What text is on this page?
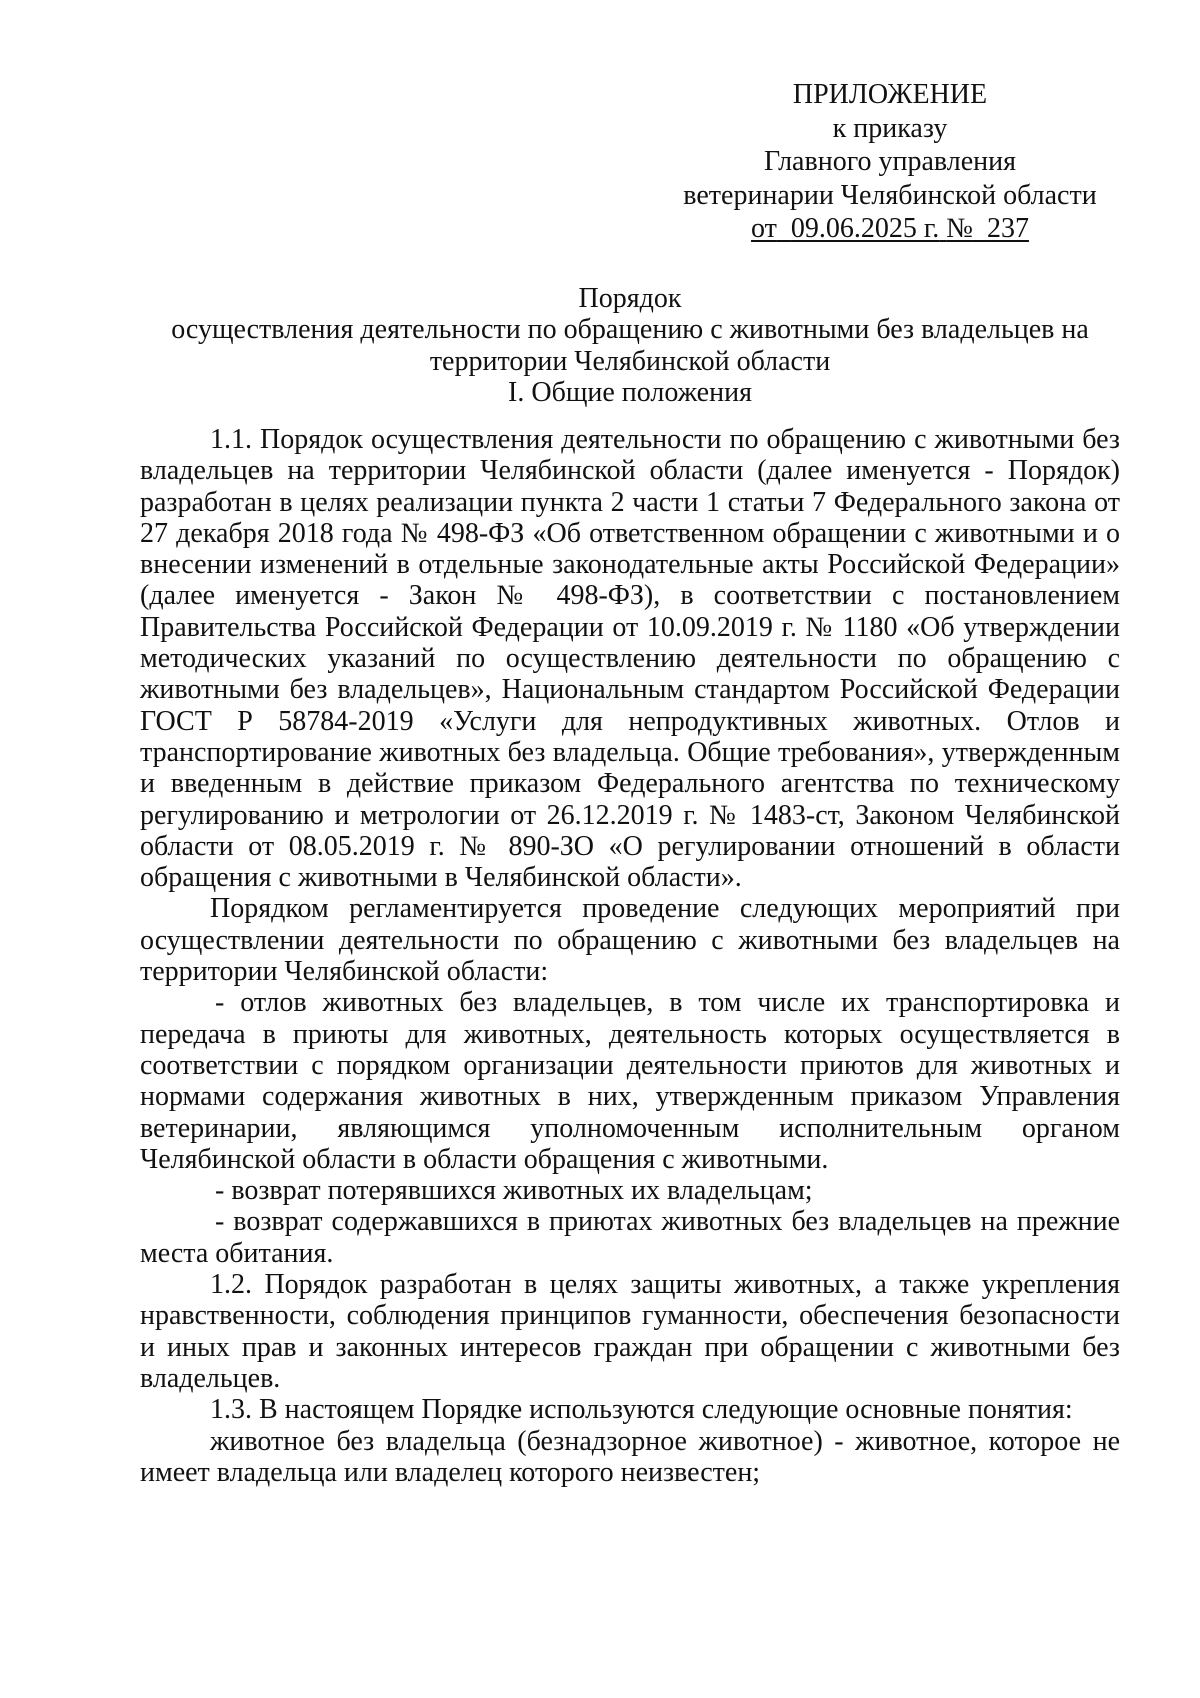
ПРИЛОЖЕНИЕ
к приказу
Главного управления
ветеринарии Челябинской области
от 09.06.2025 г. № 237
Порядок
осуществления деятельности по обращению с животными без владельцев на
территории Челябинской области
I. Общие положения

1.1. Порядок осуществления деятельности по обращению с животными без владельцев на территории Челябинской области (далее именуется - Порядок) разработан в целях реализации пункта 2 части 1 статьи 7 Федерального закона от 27 декабря 2018 года № 498-ФЗ «Об ответственном обращении с животными и о внесении изменений в отдельные законодательные акты Российской Федерации» (далее именуется - Закон № 498-ФЗ), в соответствии с постановлением Правительства Российской Федерации от 10.09.2019 г. № 1180 «Об утверждении методических указаний по осуществлению деятельности по обращению с животными без владельцев», Национальным стандартом Российской Федерации ГОСТ Р 58784-2019 «Услуги для непродуктивных животных. Отлов и транспортирование животных без владельца. Общие требования», утвержденным и введенным в действие приказом Федерального агентства по техническому регулированию и метрологии от 26.12.2019 г. № 1483-ст, Законом Челябинской области от 08.05.2019 г. № 890-ЗО «О регулировании отношений в области обращения с животными в Челябинской области».

Порядком регламентируется проведение следующих мероприятий при осуществлении деятельности по обращению с животными без владельцев на территории Челябинской области:

- отлов животных без владельцев, в том числе их транспортировка и передача в приюты для животных, деятельность которых осуществляется в соответствии с порядком организации деятельности приютов для животных и нормами содержания животных в них, утвержденным приказом Управления ветеринарии, являющимся уполномоченным исполнительным органом Челябинской области в области обращения с животными.

- возврат потерявшихся животных их владельцам;

- возврат содержавшихся в приютах животных без владельцев на прежние места обитания.

1.2. Порядок разработан в целях защиты животных, а также укрепления нравственности, соблюдения принципов гуманности, обеспечения безопасности и иных прав и законных интересов граждан при обращении с животными без владельцев.

1.3. В настоящем Порядке используются следующие основные понятия:

животное без владельца (безнадзорное животное) - животное, которое не имеет владельца или владелец которого неизвестен;
